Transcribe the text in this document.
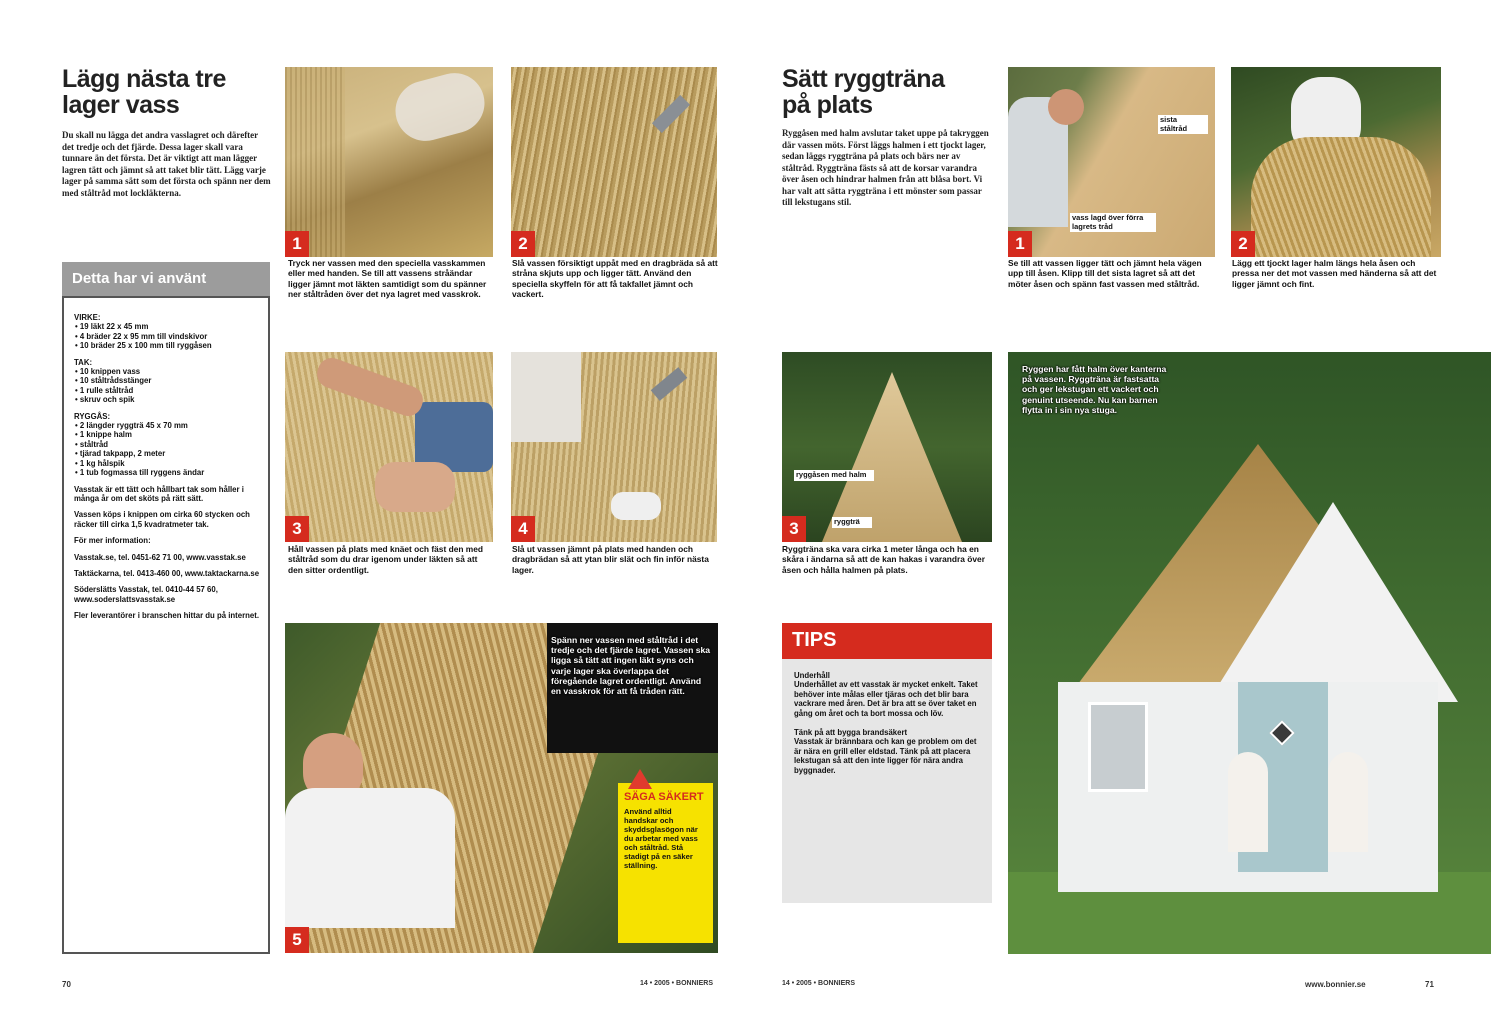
Lägg nästa tre
lager vass
Du skall nu lägga det andra vasslagret och därefter det tredje och det fjärde. Dessa lager skall vara tunnare än det första. Det är viktigt att man lägger lagren tätt och jämnt så att taket blir tätt. Lägg varje lager på samma sätt som det första och spänn ner dem med ståltråd mot lockläkterna.
Detta har vi använt
VIRKE:
• 19 läkt 22 x 45 mm
• 4 bräder 22 x 95 mm till vindskivor
• 10 bräder 25 x 100 mm till ryggåsen
TAK:
• 10 knippen vass
• 10 ståltrådsstänger
• 1 rulle ståltråd
• skruv och spik
RYGGÅS:
• 2 längder ryggträ 45 x 70 mm
• 1 knippe halm
• ståltråd
• tjärad takpapp, 2 meter
• 1 kg hålspik
• 1 tub fogmassa till ryggens ändar

Vasstak är ett tätt och hållbart tak som håller i många år om det sköts på rätt sätt.

Vassen köps i knippen om cirka 60 stycken och räcker till cirka 1,5 kvadratmeter tak.

För mer information:

Vasstak.se, tel. 0451-62 71 00, www.vasstak.se

Taktäckarna, tel. 0413-460 00, www.taktackarna.se

Söderslätts Vasstak, tel. 0410-44 57 60, www.soderslattsvasstak.se

Fler leverantörer i branschen hittar du på internet.

1
Tryck ner vassen med den speciella vasskammen eller med handen. Se till att vassens stråändar ligger jämnt mot läkten samtidigt som du spänner ner ståltråden över det nya lagret med vasskrok.
2
Slå vassen försiktigt uppåt med en dragbräda så att stråna skjuts upp och ligger tätt. Använd den speciella skyffeln för att få takfallet jämnt och vackert.
3
Håll vassen på plats med knäet och fäst den med ståltråd som du drar igenom under läkten så att den sitter ordentligt.
4
Slå ut vassen jämnt på plats med handen och dragbrädan så att ytan blir slät och fin inför nästa lager.
Spänn ner vassen med ståltråd i det tredje och det fjärde lagret. Vassen ska ligga så tätt att ingen läkt syns och varje lager ska överlappa det föregående lagret ordentligt. Använd en vasskrok för att få tråden rätt.
SÄGA SÄKERT
Använd alltid handskar och skyddsglasögon när du arbetar med vass och ståltråd. Stå stadigt på en säker ställning.
5
70	14 • 2005 • BONNIERS
Sätt ryggträna
på plats
Ryggåsen med halm avslutar taket uppe på takryggen där vassen möts. Först läggs halmen i ett tjockt lager, sedan läggs ryggträna på plats och bärs ner av ståltråd. Ryggträna fästs så att de korsar varandra över åsen och hindrar halmen från att blåsa bort. Vi har valt att sätta ryggträna i ett mönster som passar till lekstugans stil.
sista ståltråd
vass lagd över förra lagrets tråd
1
Se till att vassen ligger tätt och jämnt hela vägen upp till åsen. Klipp till det sista lagret så att det möter åsen och spänn fast vassen med ståltråd.
2
Lägg ett tjockt lager halm längs hela åsen och pressa ner det mot vassen med händerna så att det ligger jämnt och fint.
ryggåsen med halm
ryggträ
3
Ryggträna ska vara cirka 1 meter långa och ha en skåra i ändarna så att de kan hakas i varandra över åsen och hålla halmen på plats.
TIPS
Underhåll
Underhållet av ett vasstak är mycket enkelt. Taket behöver inte målas eller tjäras och det blir bara vackrare med åren. Det är bra att se över taket en gång om året och ta bort mossa och löv.
Tänk på att bygga brandsäkert
Vasstak är brännbara och kan ge problem om det är nära en grill eller eldstad. Tänk på att placera lekstugan så att den inte ligger för nära andra byggnader.
Ryggen har fått halm över kanterna på vassen. Ryggträna är fastsatta och ger lekstugan ett vackert och genuint utseende. Nu kan barnen flytta in i sin nya stuga.
14 • 2005 • BONNIERS	www.bonnier.se	71
